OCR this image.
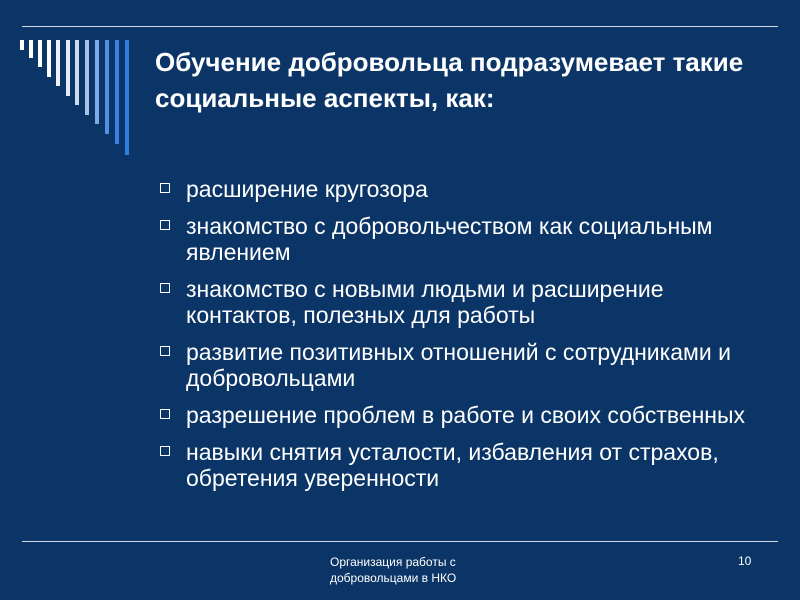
Обучение добровольца подразумевает такие социальные аспекты, как:
расширение кругозора
знакомство с добровольчеством как социальным явлением
знакомство с новыми людьми и расширение контактов, полезных для работы
развитие позитивных отношений с сотрудниками и добровольцами
разрешение проблем в работе и своих собственных
навыки снятия усталости, избавления от страхов, обретения уверенности
Организация работы с
добровольцами в НКО
10
